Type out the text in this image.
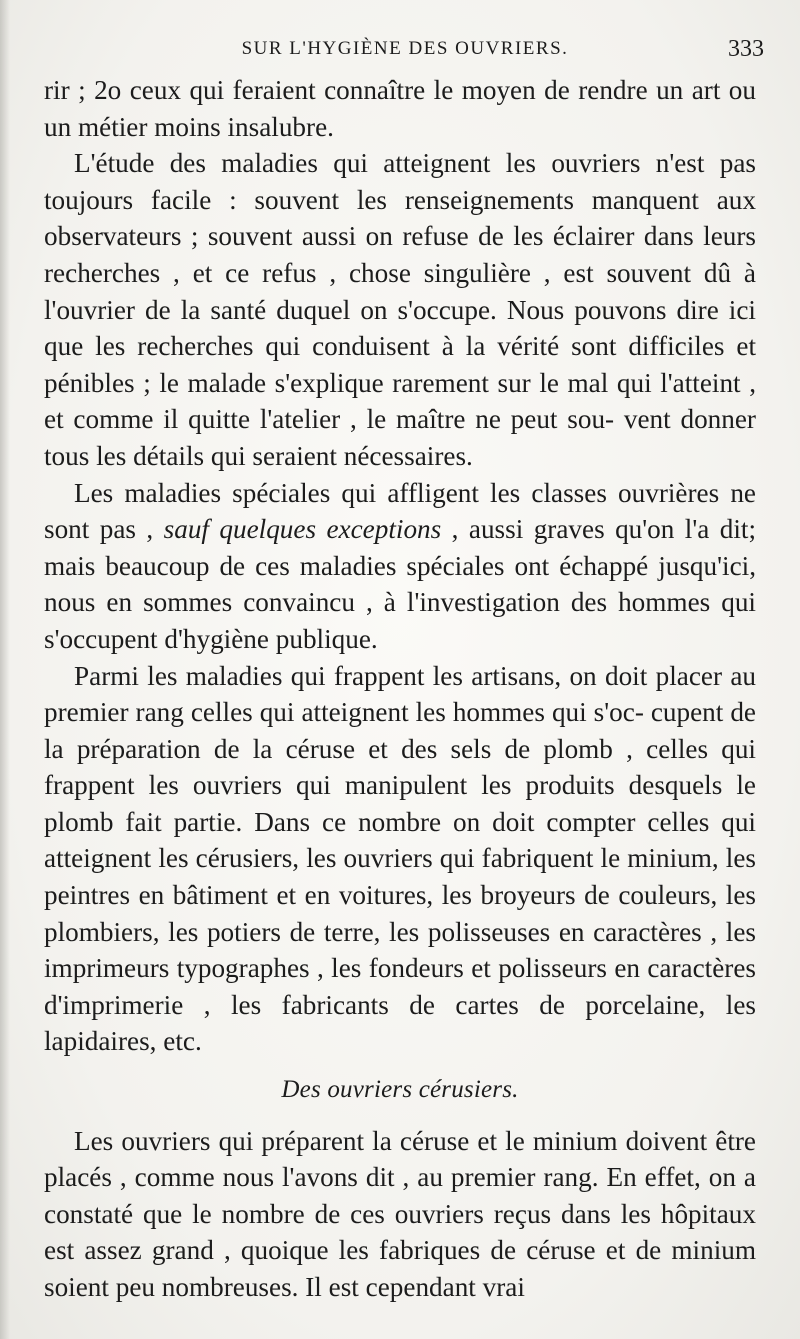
SUR L'HYGIÈNE DES OUVRIERS.	333

rir ; 2o ceux qui feraient connaître le moyen de rendre un art ou un métier moins insalubre.

L'étude des maladies qui atteignent les ouvriers n'est pas toujours facile : souvent les renseignements manquent aux observateurs ; souvent aussi on refuse de les éclairer dans leurs recherches , et ce refus , chose singulière , est souvent dû à l'ouvrier de la santé duquel on s'occupe. Nous pouvons dire ici que les recherches qui conduisent à la vérité sont difficiles et pénibles ; le malade s'explique rarement sur le mal qui l'atteint , et comme il quitte l'atelier , le maître ne peut sou- vent donner tous les détails qui seraient nécessaires.

Les maladies spéciales qui affligent les classes ouvrières ne sont pas , sauf quelques exceptions , aussi graves qu'on l'a dit; mais beaucoup de ces maladies spéciales ont échappé jusqu'ici, nous en sommes convaincu , à l'investigation des hommes qui s'occupent d'hygiène publique.

Parmi les maladies qui frappent les artisans, on doit placer au premier rang celles qui atteignent les hommes qui s'oc- cupent de la préparation de la céruse et des sels de plomb , celles qui frappent les ouvriers qui manipulent les produits desquels le plomb fait partie. Dans ce nombre on doit compter celles qui atteignent les cérusiers, les ouvriers qui fabriquent le minium, les peintres en bâtiment et en voitures, les broyeurs de couleurs, les plombiers, les potiers de terre, les polisseuses en caractères , les imprimeurs typographes , les fondeurs et polisseurs en caractères d'imprimerie , les fabricants de cartes de porcelaine, les lapidaires, etc.

Des ouvriers cérusiers.

Les ouvriers qui préparent la céruse et le minium doivent être placés , comme nous l'avons dit , au premier rang. En effet, on a constaté que le nombre de ces ouvriers reçus dans les hôpitaux est assez grand , quoique les fabriques de céruse et de minium soient peu nombreuses. Il est cependant vrai
